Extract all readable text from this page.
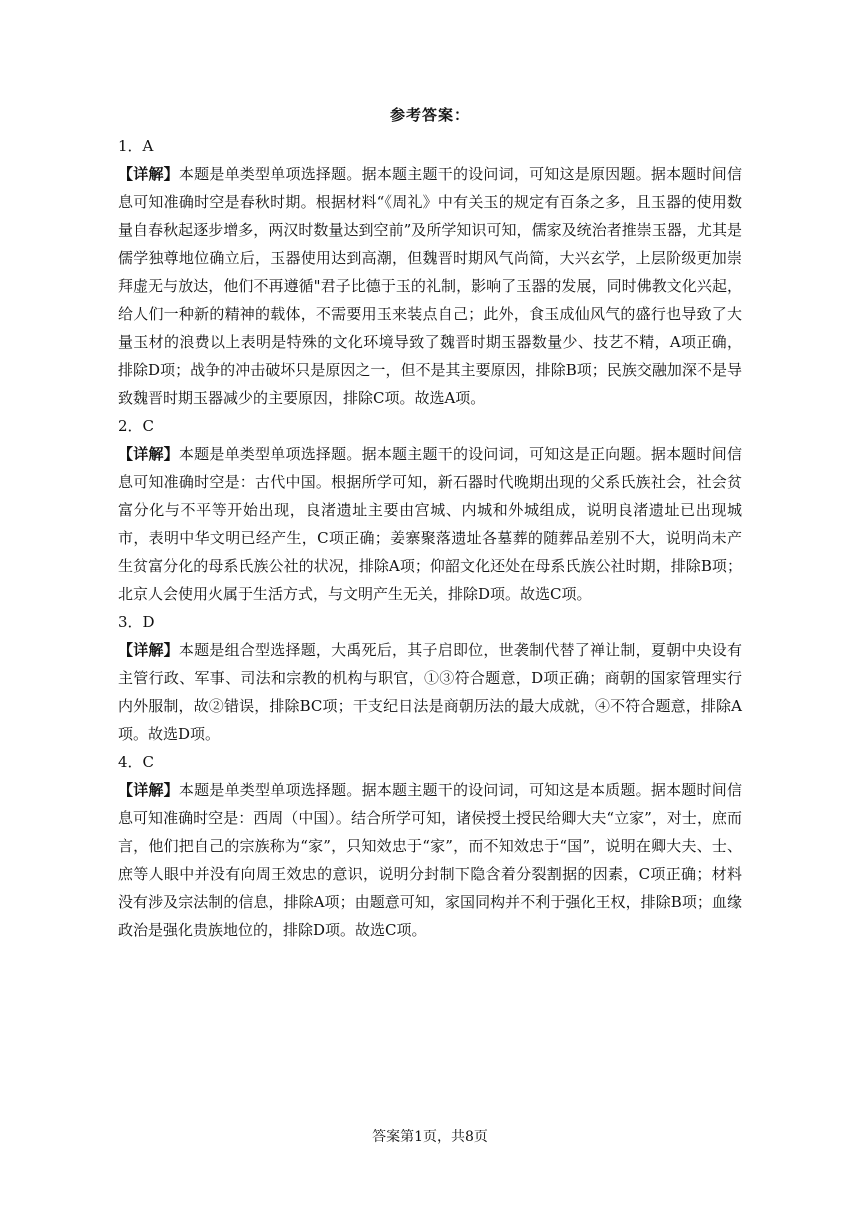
参考答案：

1．A

【详解】本题是单类型单项选择题。据本题主题干的设问词，可知这是原因题。据本题时间信息可知准确时空是春秋时期。根据材料“《周礼》中有关玉的规定有百条之多，且玉器的使用数量自春秋起逐步增多，两汉时数量达到空前”及所学知识可知，儒家及统治者推崇玉器，尤其是儒学独尊地位确立后，玉器使用达到高潮，但魏晋时期风气尚简，大兴玄学，上层阶级更加崇拜虚无与放达，他们不再遵循"君子比德于玉的礼制，影响了玉器的发展，同时佛教文化兴起，给人们一种新的精神的载体，不需要用玉来装点自己；此外，食玉成仙风气的盛行也导致了大量玉材的浪费以上表明是特殊的文化环境导致了魏晋时期玉器数量少、技艺不精，A项正确，排除D项；战争的冲击破坏只是原因之一，但不是其主要原因，排除B项；民族交融加深不是导致魏晋时期玉器减少的主要原因，排除C项。故选A项。

2．C

【详解】本题是单类型单项选择题。据本题主题干的设问词，可知这是正向题。据本题时间信息可知准确时空是：古代中国。根据所学可知，新石器时代晚期出现的父系氏族社会，社会贫富分化与不平等开始出现，良渚遗址主要由宫城、内城和外城组成，说明良渚遗址已出现城市，表明中华文明已经产生，C项正确；姜寨聚落遗址各墓葬的随葬品差别不大，说明尚未产生贫富分化的母系氏族公社的状况，排除A项；仰韶文化还处在母系氏族公社时期，排除B项；北京人会使用火属于生活方式，与文明产生无关，排除D项。故选C项。

3．D

【详解】本题是组合型选择题，大禹死后，其子启即位，世袭制代替了禅让制，夏朝中央设有主管行政、军事、司法和宗教的机构与职官，①③符合题意，D项正确；商朝的国家管理实行内外服制，故②错误，排除BC项；干支纪日法是商朝历法的最大成就，④不符合题意，排除A项。故选D项。

4．C

【详解】本题是单类型单项选择题。据本题主题干的设问词，可知这是本质题。据本题时间信息可知准确时空是：西周（中国）。结合所学可知，诸侯授土授民给卿大夫“立家”，对士，庶而言，他们把自己的宗族称为“家”，只知效忠于“家”，而不知效忠于“国”，说明在卿大夫、士、庶等人眼中并没有向周王效忠的意识，说明分封制下隐含着分裂割据的因素，C项正确；材料没有涉及宗法制的信息，排除A项；由题意可知，家国同构并不利于强化王权，排除B项；血缘政治是强化贵族地位的，排除D项。故选C项。

答案第1页，共8页
